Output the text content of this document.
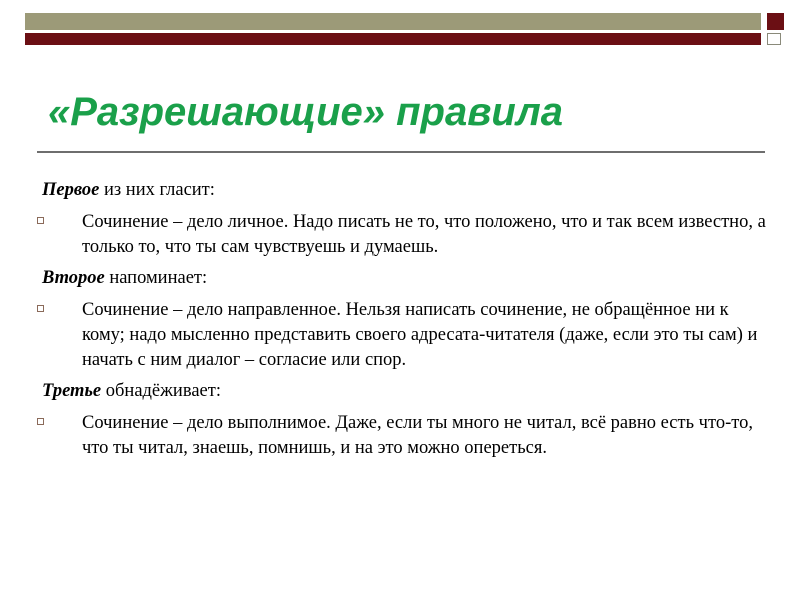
«Разрешающие» правила
Первое из них гласит:
Сочинение – дело личное. Надо писать не то, что положено, что и так всем известно, а только то, что ты сам чувствуешь и думаешь.
Второе напоминает:
Сочинение – дело направленное. Нельзя написать сочинение, не обращённое ни к кому; надо мысленно представить своего адресата-читателя (даже, если это ты сам) и начать с ним диалог – согласие или спор.
Третье обнадёживает:
Сочинение – дело выполнимое. Даже, если ты много не читал, всё равно есть что-то, что ты читал, знаешь, помнишь, и на это можно опереться.
